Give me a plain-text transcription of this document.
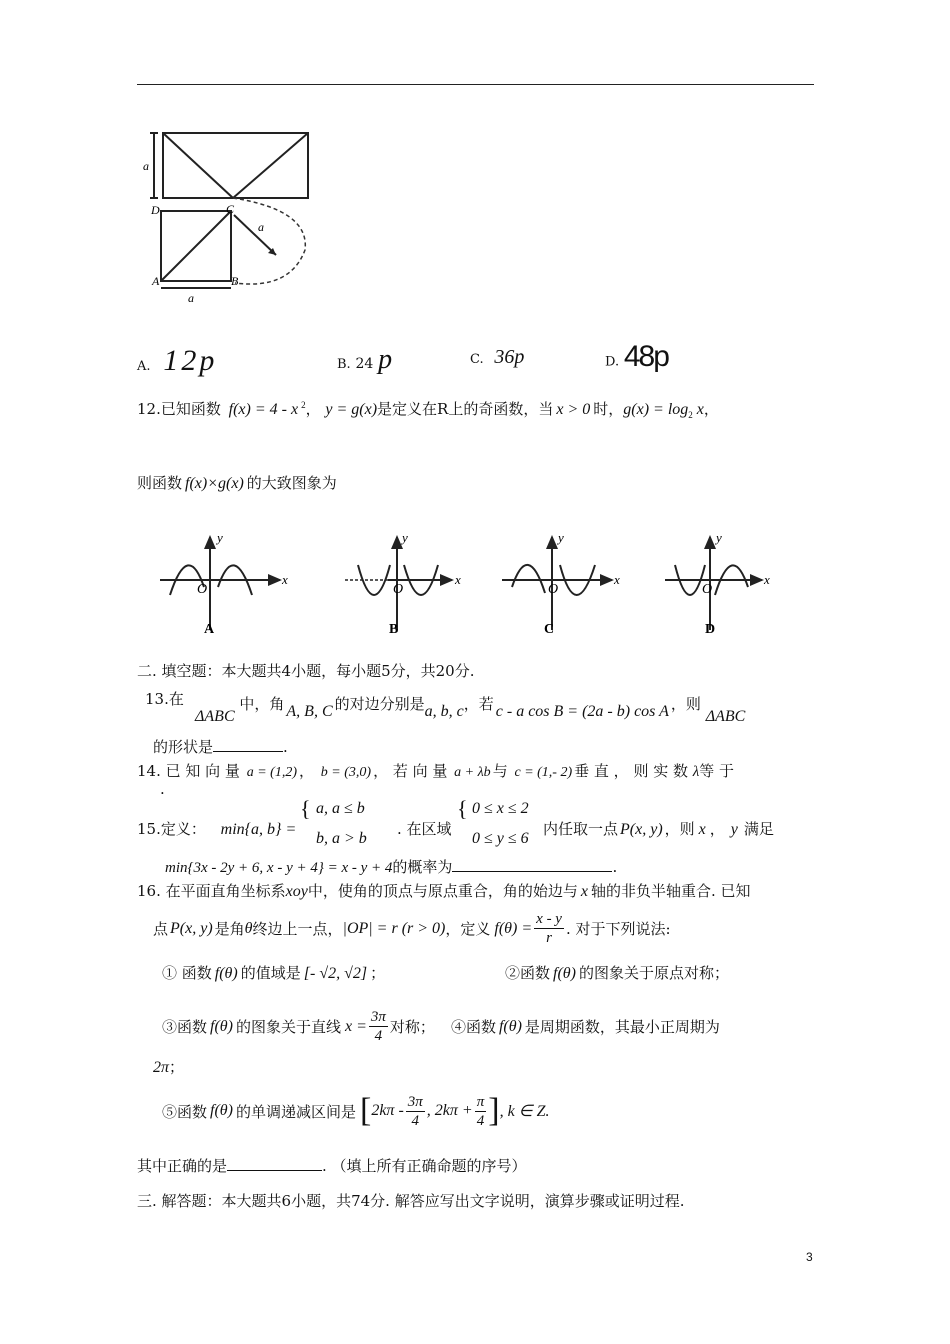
a
D	C
a
A	B
a
A. 12p	B. 24 p	C. 36p	D. 48p
12.已知函数 f(x) = 4 - x $^2$， y = g(x)是定义在R上的奇函数，当 x > 0 时，$g(x) = \log_2 x$，
则函数 f(x)×g(x) 的大致图象为
x
y
O
A
x
y
O
B
x
y
O
C
x
y
O
D
二. 填空题：本大题共4小题，每小题5分，共20分.
13.在
ΔABC 中，角 A, B, C 的对边分别是a, b, c，若 c - a cos B = (2a - b) cos A ，则 ΔABC
的形状是	.
14. 已 知 向 量 a = (1,2) ， b = (3,0) ， 若 向 量 a + λb 与 c = (1,- 2) 垂 直 ， 则 实 数 λ等 于
.
15.定义： min{a, b} =
{ a, a ≤ b
b, a > b
. 在区域
{ 0 ≤ x ≤ 2
0 ≤ y ≤ 6
内任取一点 P(x, y) ，则 x ， y 满足
min{3x - 2y + 6, x - y + 4} = x - y + 4的概率为	.
16. 在平面直角坐标系xoy中，使角的顶点与原点重合，角的始边与 x 轴的非负半轴重合. 已知
点 P(x, y) 是角 θ 终边上一点， |OP| = r (r > 0) ，定义 $f(\theta) = \frac{x - y}{r}$ . 对于下列说法:
① 函数 f(θ) 的值域是 [- √2, √2] ；	②函数 f(θ) 的图象关于原点对称；
③函数 f(θ) 的图象关于直线 $x = \frac{3\pi}{4}$ 对称； ④函数 f(θ) 是周期函数，其最小正周期为
2π；
⑤函数 f(θ) 的单调递减区间是 [ $2k\pi - \frac{3\pi}{4}$ , $2k\pi + \frac{\pi}{4}$ ] , k ∈ Z.
其中正确的是	. （填上所有正确命题的序号）
三. 解答题：本大题共6小题，共74分. 解答应写出文字说明，演算步骤或证明过程.
3
